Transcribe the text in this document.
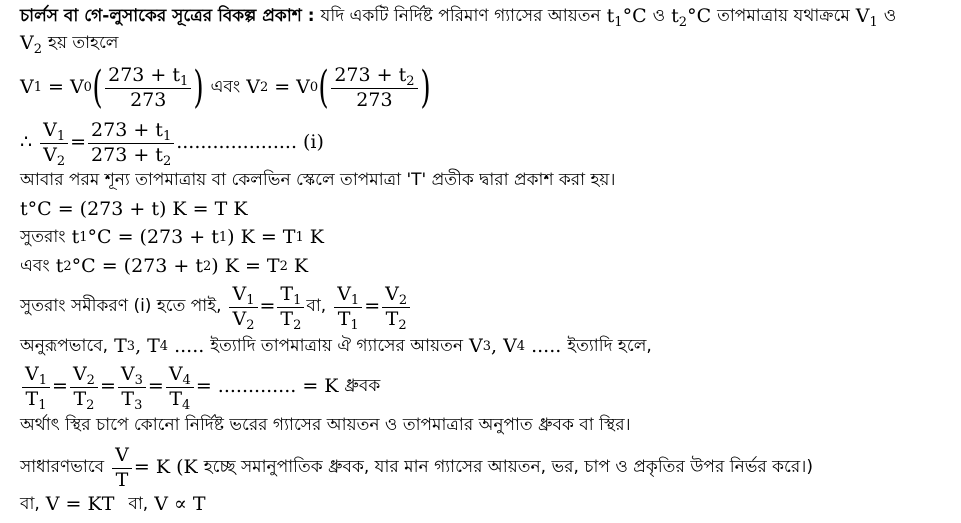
চার্লস বা গে-লুসাকের সূত্রের বিকল্প প্রকাশ : যদি একটি নির্দিষ্ট পরিমাণ গ্যাসের আয়তন $t_1^\circ C$ ও $t_2^\circ C$ তাপমাত্রায় যথাক্রমে $V_1$ ও
$V_2$ হয় তাহলে
V 1 = V 0 ( $\frac{273 + t_1}{273}$ ) এবং V 2 = V 0 ( $\frac{273 + t_2}{273}$ )
∴ $\frac{V_1}{V_2} = \frac{273 + t_1}{273 + t_2}$ .................... (i)
আবার পরম শূন্য তাপমাত্রায় বা কেলভিন স্কেলে তাপমাত্রা 'T' প্রতীক দ্বারা প্রকাশ করা হয়।
t°C = (273 + t) K = T K
সুতরাং t 1 °C = (273 + t 1 ) K = T 1 K
এবং t 2 °C = (273 + t 2 ) K = T 2 K
সুতরাং সমীকরণ (i) হতে পাই, $\frac{V_1}{V_2} = \frac{T_1}{T_2}$ বা, $\frac{V_1}{T_1} = \frac{V_2}{T_2}$
অনুরূপভাবে, T 3 , T 4 ..... ইত্যাদি তাপমাত্রায় ঐ গ্যাসের আয়তন V 3 , V 4 ..... ইত্যাদি হলে,
$\frac{V_1}{T_1} = \frac{V_2}{T_2} = \frac{V_3}{T_3} = \frac{V_4}{T_4}$ = ............. = K ধ্রুবক
অর্থাৎ স্থির চাপে কোনো নির্দিষ্ট ভরের গ্যাসের আয়তন ও তাপমাত্রার অনুপাত ধ্রুবক বা স্থির।
সাধারণভাবে $\frac{V}{T} = K$ (K হচ্ছে সমানুপাতিক ধ্রুবক, যার মান গ্যাসের আয়তন, ভর, চাপ ও প্রকৃতির উপর নির্ভর করে।)
বা, V = KT বা, V ∝ T
